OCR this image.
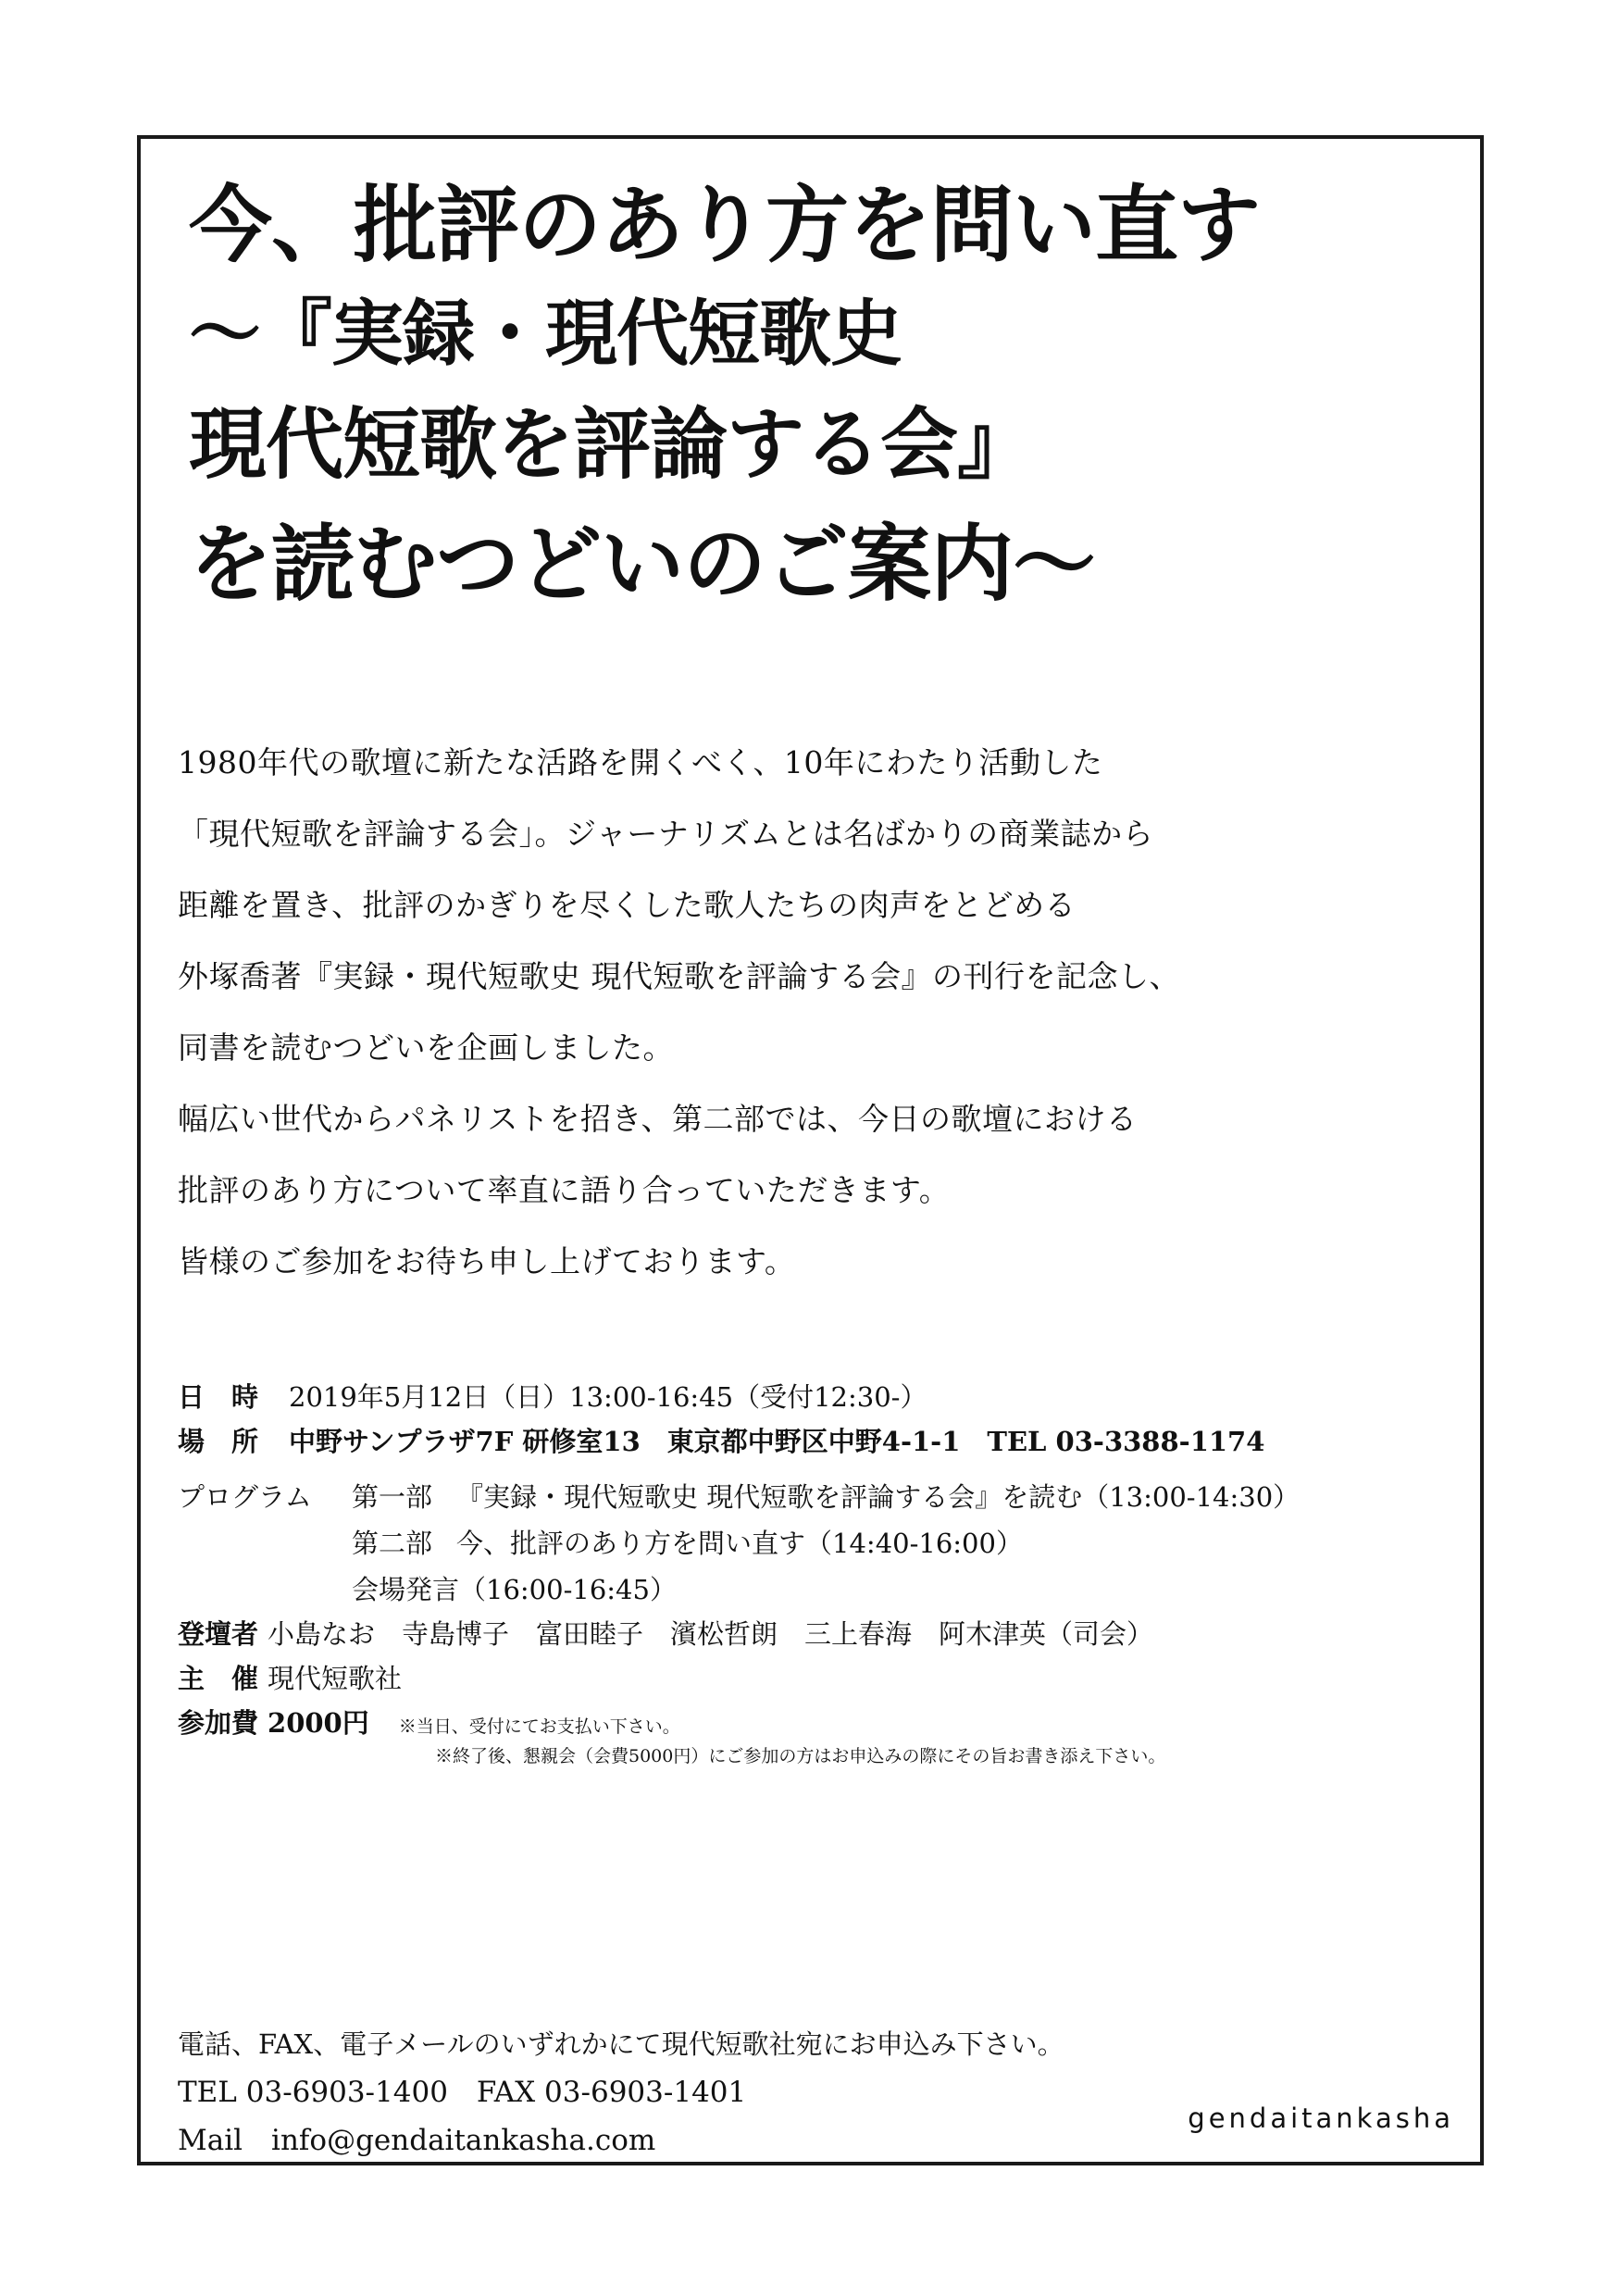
今、批評のあり方を問い直す
〜『実録・現代短歌史
現代短歌を評論する会』
を読むつどいのご案内〜

1980年代の歌壇に新たな活路を開くべく、10年にわたり活動した

「現代短歌を評論する会」。ジャーナリズムとは名ばかりの商業誌から

距離を置き、批評のかぎりを尽くした歌人たちの肉声をとどめる

外塚喬著『実録・現代短歌史 現代短歌を評論する会』の刊行を記念し、

同書を読むつどいを企画しました。

幅広い世代からパネリストを招き、第二部では、今日の歌壇における

批評のあり方について率直に語り合っていただきます。

皆様のご参加をお待ち申し上げております。

日　時	2019年5月12日（日）13:00-16:45（受付12:30-）
場　所	中野サンプラザ7F 研修室13　東京都中野区中野4-1-1　TEL 03-3388-1174
プログラム	第一部 『実録・現代短歌史 現代短歌を評論する会』を読む（13:00-14:30）
第二部 今、批評のあり方を問い直す（14:40-16:00）
会場発言（16:00-16:45）
登壇者 小島なお　寺島博子　富田睦子　濱松哲朗　三上春海　阿木津英（司会）
主　催 現代短歌社
参加費 2000円 ※当日、受付にてお支払い下さい。
※終了後、懇親会（会費5000円）にご参加の方はお申込みの際にその旨お書き添え下さい。

電話、FAX、電子メールのいずれかにて現代短歌社宛にお申込み下さい。

TEL 03-6903-1400　FAX 03-6903-1401

Mail　info@gendaitankasha.com

gendaitankasha
